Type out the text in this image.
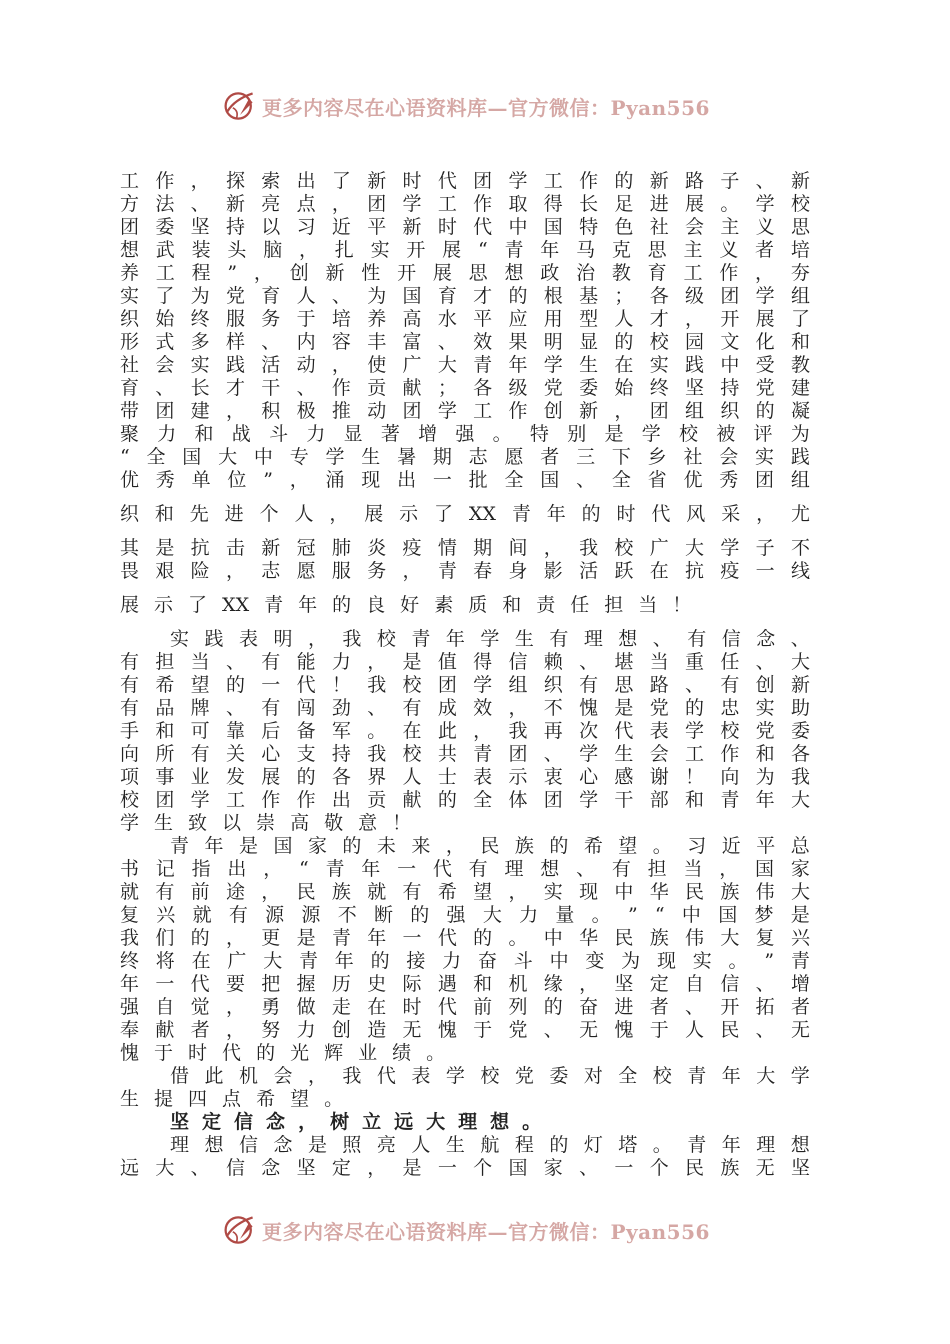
更多内容尽在心语资料库—官方微信：Pyan556
工 作 ， 探 索 出 了 新 时 代 团 学 工 作 的 新 路 子 、 新
方 法 、 新 亮 点 ， 团 学 工 作 取 得 长 足 进 展 。 学 校
团 委 坚 持 以 习 近 平 新 时 代 中 国 特 色 社 会 主 义 思
想 武 装 头 脑 ， 扎 实 开 展 “ 青 年 马 克 思 主 义 者 培
养 工 程 ” ， 创 新 性 开 展 思 想 政 治 教 育 工 作 ， 夯
实 了 为 党 育 人 、 为 国 育 才 的 根 基 ； 各 级 团 学 组
织 始 终 服 务 于 培 养 高 水 平 应 用 型 人 才 ， 开 展 了
形 式 多 样 、 内 容 丰 富 、 效 果 明 显 的 校 园 文 化 和
社 会 实 践 活 动 ， 使 广 大 青 年 学 生 在 实 践 中 受 教
育 、 长 才 干 、 作 贡 献 ； 各 级 党 委 始 终 坚 持 党 建
带 团 建 ， 积 极 推 动 团 学 工 作 创 新 ， 团 组 织 的 凝
聚 力 和 战 斗 力 显 著 增 强 。 特 别 是 学 校 被 评 为
“ 全 国 大 中 专 学 生 暑 期 志 愿 者 三 下 乡 社 会 实 践
优 秀 单 位 ” ， 涌 现 出 一 批 全 国 、 全 省 优 秀 团 组
织 和 先 进 个 人 ， 展 示 了 XX 青 年 的 时 代 风 采 ， 尤
其 是 抗 击 新 冠 肺 炎 疫 情 期 间 ， 我 校 广 大 学 子 不
畏 艰 险 ， 志 愿 服 务 ， 青 春 身 影 活 跃 在 抗 疫 一 线
展 示 了 XX 青 年 的 良 好 素 质 和 责 任 担 当 ！
实 践 表 明 ， 我 校 青 年 学 生 有 理 想 、 有 信 念 、
有 担 当 、 有 能 力 ， 是 值 得 信 赖 、 堪 当 重 任 、 大
有 希 望 的 一 代 ！ 我 校 团 学 组 织 有 思 路 、 有 创 新
有 品 牌 、 有 闯 劲 、 有 成 效 ， 不 愧 是 党 的 忠 实 助
手 和 可 靠 后 备 军 。 在 此 ， 我 再 次 代 表 学 校 党 委
向 所 有 关 心 支 持 我 校 共 青 团 、 学 生 会 工 作 和 各
项 事 业 发 展 的 各 界 人 士 表 示 衷 心 感 谢 ！ 向 为 我
校 团 学 工 作 作 出 贡 献 的 全 体 团 学 干 部 和 青 年 大
学 生 致 以 崇 高 敬 意 ！
青 年 是 国 家 的 未 来 ， 民 族 的 希 望 。 习 近 平 总
书 记 指 出 ， “ 青 年 一 代 有 理 想 、 有 担 当 ， 国 家
就 有 前 途 ， 民 族 就 有 希 望 ， 实 现 中 华 民 族 伟 大
复 兴 就 有 源 源 不 断 的 强 大 力 量 。 ” “ 中 国 梦 是
我 们 的 ， 更 是 青 年 一 代 的 。 中 华 民 族 伟 大 复 兴
终 将 在 广 大 青 年 的 接 力 奋 斗 中 变 为 现 实 。 ” 青
年 一 代 要 把 握 历 史 际 遇 和 机 缘 ， 坚 定 自 信 、 增
强 自 觉 ， 勇 做 走 在 时 代 前 列 的 奋 进 者 、 开 拓 者
奉 献 者 ， 努 力 创 造 无 愧 于 党 、 无 愧 于 人 民 、 无
愧 于 时 代 的 光 辉 业 绩 。
借 此 机 会 ， 我 代 表 学 校 党 委 对 全 校 青 年 大 学
生 提 四 点 希 望 。
坚 定 信 念 ， 树 立 远 大 理 想 。
理 想 信 念 是 照 亮 人 生 航 程 的 灯 塔 。 青 年 理 想
远 大 、 信 念 坚 定 ， 是 一 个 国 家 、 一 个 民 族 无 坚
更多内容尽在心语资料库—官方微信：Pyan556
